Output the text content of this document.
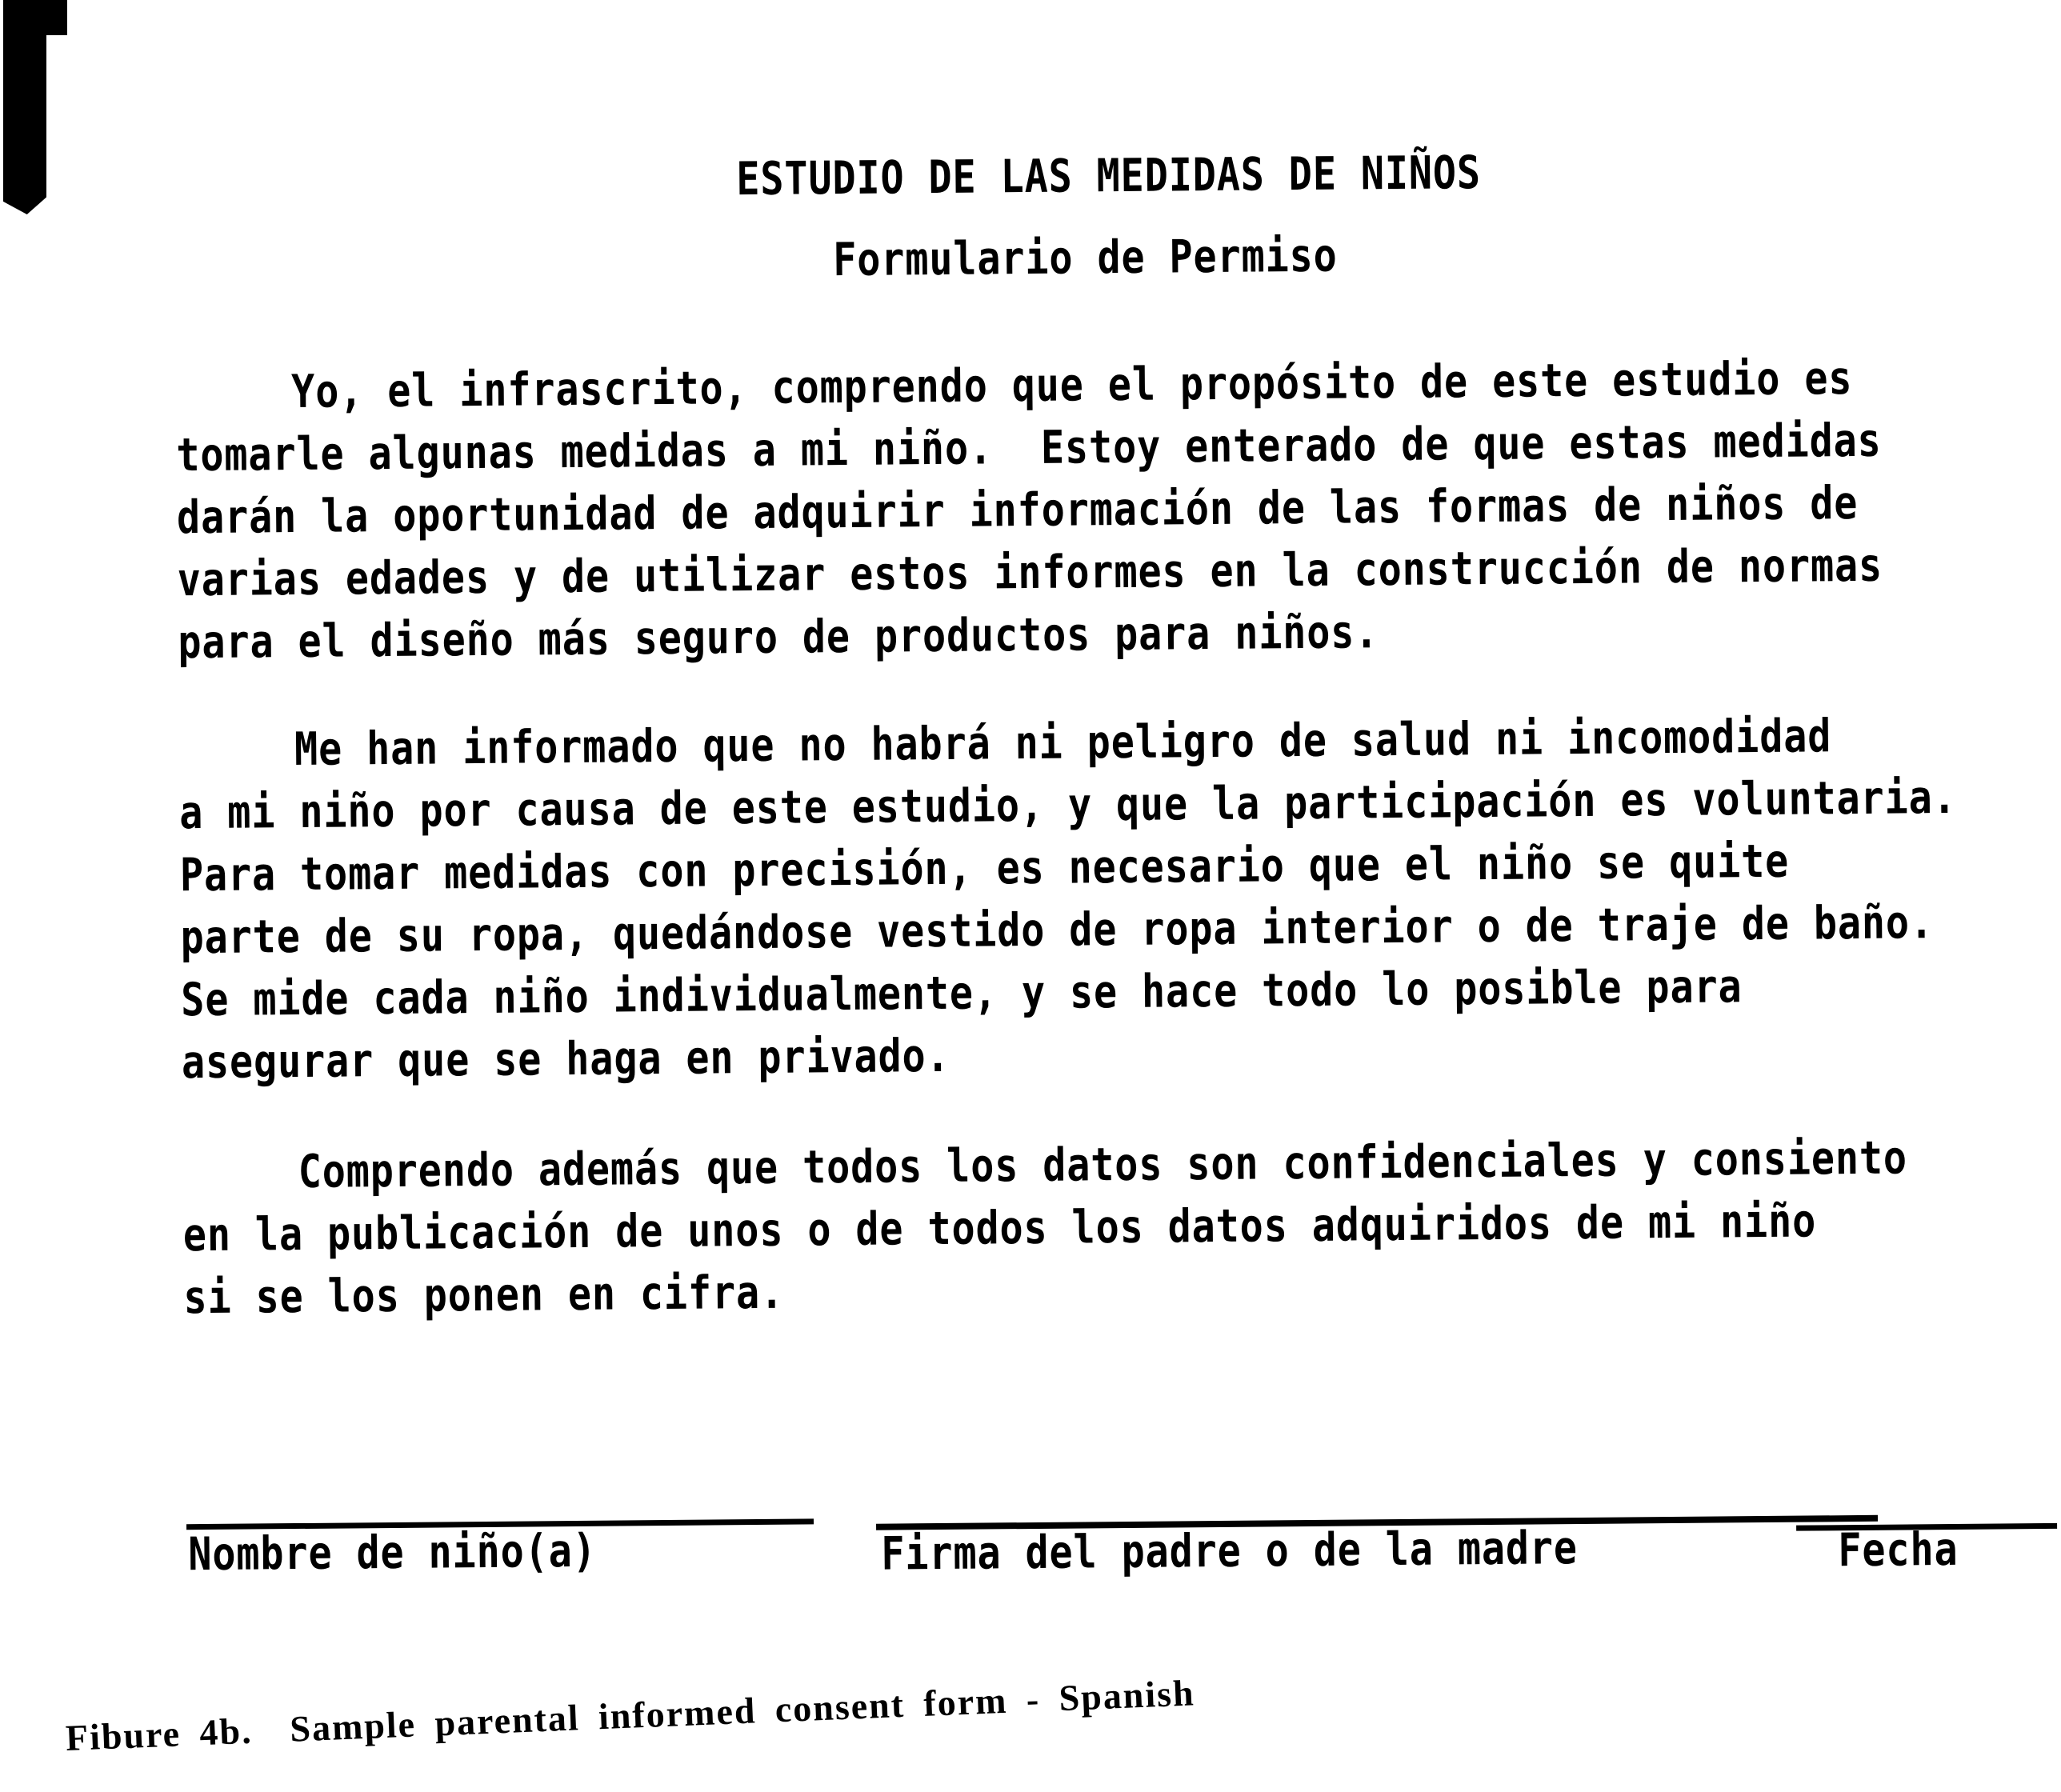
ESTUDIO DE LAS MEDIDAS DE NIÑOS
Formulario de Permiso
Yo, el infrascrito, comprendo que el propósito de este estudio es
tomarle algunas medidas a mi niño.  Estoy enterado de que estas medidas
darán la oportunidad de adquirir información de las formas de niños de
varias edades y de utilizar estos informes en la construcción de normas
para el diseño más seguro de productos para niños.
Me han informado que no habrá ni peligro de salud ni incomodidad
a mi niño por causa de este estudio, y que la participación es voluntaria.
Para tomar medidas con precisión, es necesario que el niño se quite
parte de su ropa, quedándose vestido de ropa interior o de traje de baño.
Se mide cada niño individualmente, y se hace todo lo posible para
asegurar que se haga en privado.
Comprendo además que todos los datos son confidenciales y consiento
en la publicación de unos o de todos los datos adquiridos de mi niño
si se los ponen en cifra.
Nombre de niño(a)	Firma del padre o de la madre	Fecha
Fibure 4b.  Sample parental informed consent form - Spanish
